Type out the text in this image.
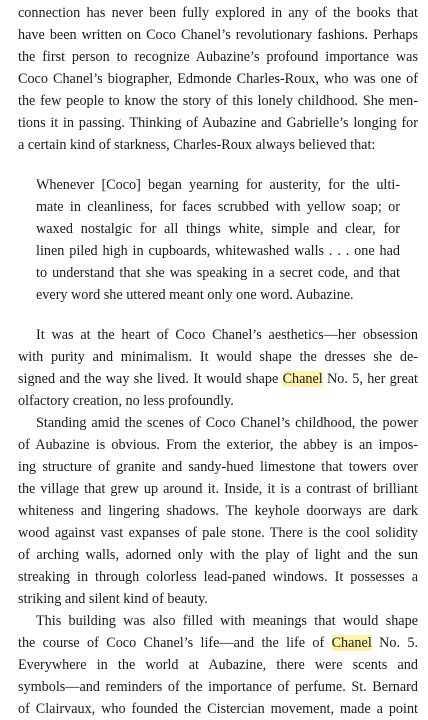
connection has never been fully explored in any of the books that
have been written on Coco Chanel’s revolutionary fashions. Perhaps
the first person to recognize Aubazine’s profound importance was
Coco Chanel’s biographer, Edmonde Charles-Roux, who was one of
the few people to know the story of this lonely childhood. She men-
tions it in passing. Thinking of Aubazine and Gabrielle’s longing for
a certain kind of starkness, Charles-Roux always believed that:
Whenever [Coco] began yearning for austerity, for the ulti-
mate in cleanliness, for faces scrubbed with yellow soap; or
waxed nostalgic for all things white, simple and clear, for
linen piled high in cupboards, whitewashed walls . . . one had
to understand that she was speaking in a secret code, and that
every word she uttered meant only one word. Aubazine.
It was at the heart of Coco Chanel’s aesthetics—her obsession
with purity and minimalism. It would shape the dresses she de-
signed and the way she lived. It would shape Chanel No. 5, her great
olfactory creation, no less profoundly.
Standing amid the scenes of Coco Chanel’s childhood, the power
of Aubazine is obvious. From the exterior, the abbey is an impos-
ing structure of granite and sandy-hued limestone that towers over
the village that grew up around it. Inside, it is a contrast of brilliant
whiteness and lingering shadows. The keyhole doorways are dark
wood against vast expanses of pale stone. There is the cool solidity
of arching walls, adorned only with the play of light and the sun
streaking in through colorless lead-paned windows. It possesses a
striking and silent kind of beauty.
This building was also filled with meanings that would shape
the course of Coco Chanel’s life—and the life of Chanel No. 5.
Everywhere in the world at Aubazine, there were scents and
symbols—and reminders of the importance of perfume. St. Bernard
of Clairvaux, who founded the Cistercian movement, made a point
